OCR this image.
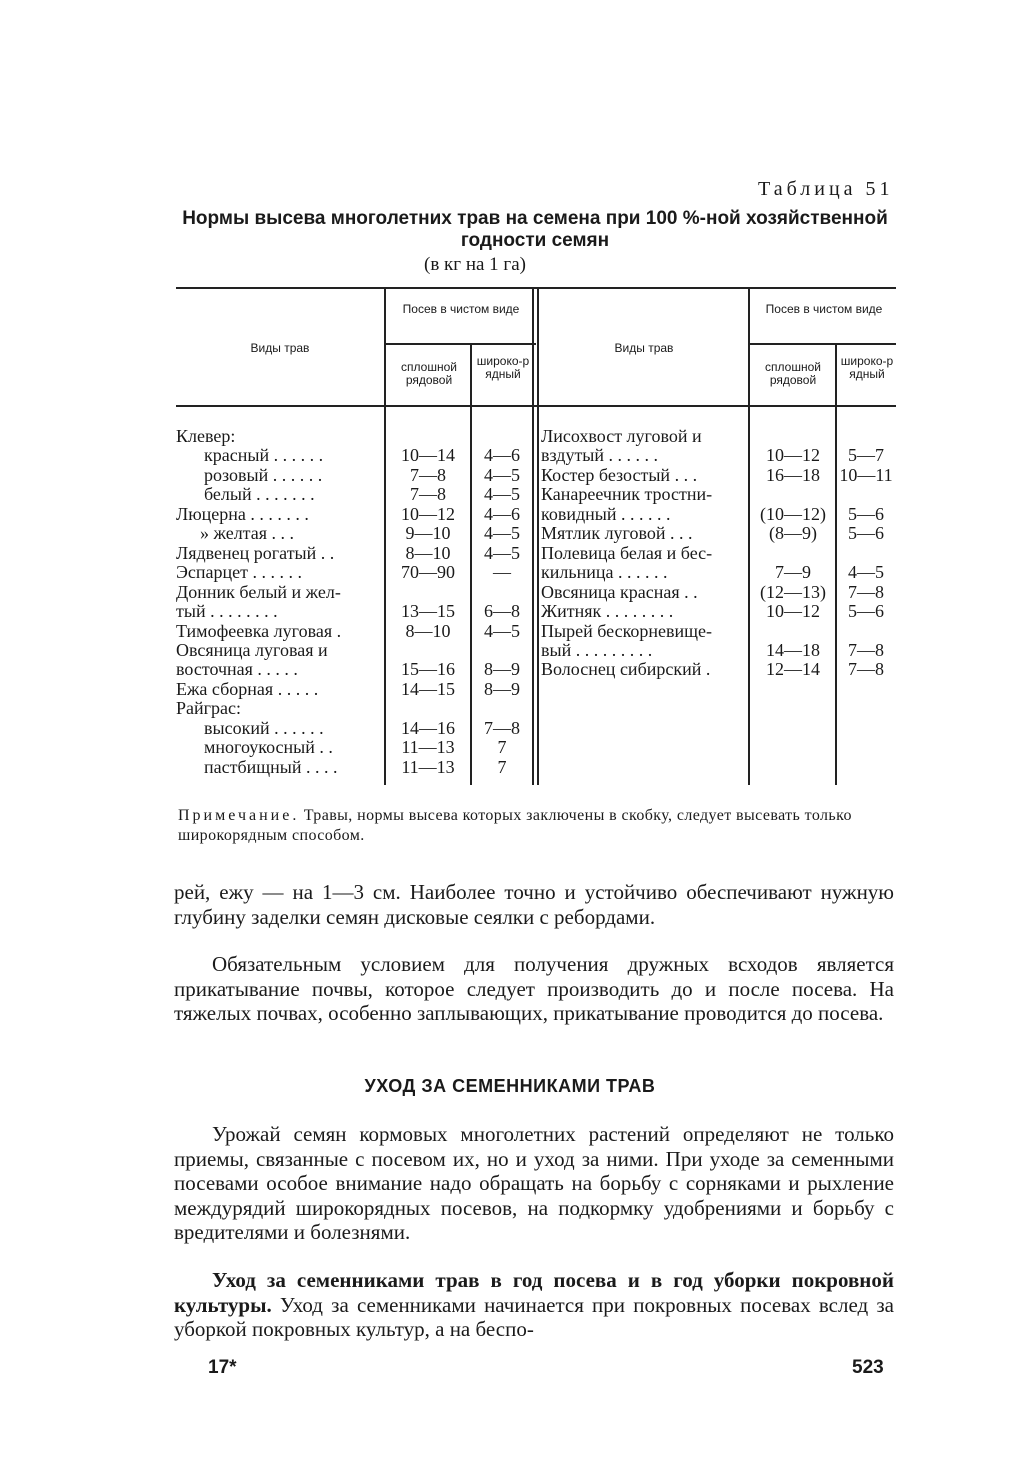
Таблица 51
Нормы высева многолетних трав на семена при 100 %-ной хозяйственной
годности семян
(в кг на 1 га)
Виды трав
Посев в чистом виде
сплошной рядовой
широко-рядный
Виды трав
Посев в чистом виде
сплошной рядовой
широко-рядный
Клевер:
красный . . . . . .	10—14	4—6
розовый . . . . . .	7—8	4—5
белый . . . . . . .	7—8	4—5
Люцерна . . . . . . .	10—12	4—6
» желтая . . .	9—10	4—5
Лядвенец рогатый . .	8—10	4—5
Эспарцет . . . . . .	70—90	—
Донник белый и жел-
тый . . . . . . . .	13—15	6—8
Тимофеевка луговая .	8—10	4—5
Овсяница луговая и
восточная . . . . .	15—16	8—9
Ежа сборная . . . . .	14—15	8—9
Райграс:
высокий . . . . . .	14—16	7—8
многоукосный . .	11—13	7
пастбищный . . . .	11—13	7
Лисохвост луговой и
вздутый . . . . . .	10—12	5—7
Костер безостый . . .	16—18	10—11
Канареечник тростни-
ковидный . . . . . .	(10—12)	5—6
Мятлик луговой . . .	(8—9)	5—6
Полевица белая и бес-
кильница . . . . . .	7—9	4—5
Овсяница красная . .	(12—13)	7—8
Житняк . . . . . . . .	10—12	5—6
Пырей бескорневище-
вый . . . . . . . . .	14—18	7—8
Волоснец сибирский .	12—14	7—8
Примечание. Травы, нормы высева которых заключены в скобку, следует высевать только широкорядным способом.
рей, ежу — на 1—3 см. Наиболее точно и устойчиво обеспечивают нужную глубину заделки семян дисковые сеялки с ребордами.
Обязательным условием для получения дружных всходов является прикатывание почвы, которое следует производить до и после посева. На тяжелых почвах, особенно заплывающих, прикатывание проводится до посева.
УХОД ЗА СЕМЕННИКАМИ ТРАВ
Урожай семян кормовых многолетних растений определяют не только приемы, связанные с посевом их, но и уход за ними. При уходе за семенными посевами особое внимание надо обращать на борьбу с сорняками и рыхление междурядий широкорядных посевов, на подкормку удобрениями и борьбу с вредителями и болезнями.
Уход за семенниками трав в год посева и в год уборки покровной культуры. Уход за семенниками начинается при покровных посевах вслед за уборкой покровных культур, а на беспо-
17*	523
